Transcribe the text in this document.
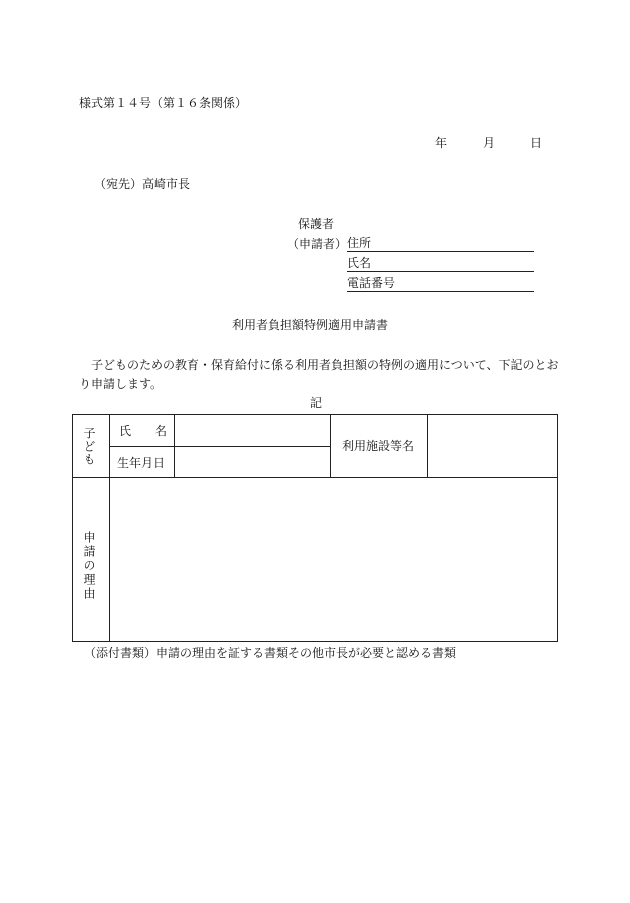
様式第１４号（第１６条関係）
年	月	日
（宛先）高崎市長
保護者
（申請者） 住所
氏名
電話番号
利用者負担額特例適用申請書
子どものための教育・保育給付に係る利用者負担額の特例の適用について、下記のとお
り申請します。
記
子ども 氏　　名
生年月日
利用施設等名
申請の理由
（添付書類）申請の理由を証する書類その他市長が必要と認める書類
